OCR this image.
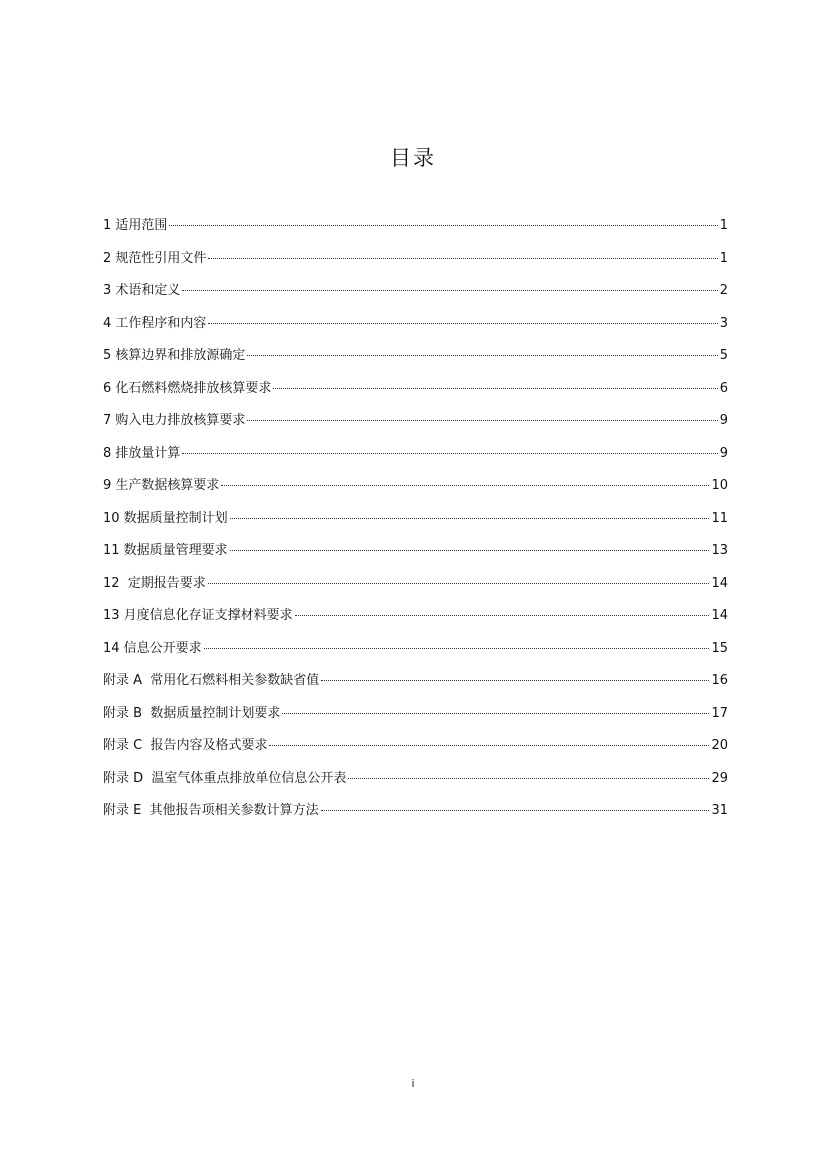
目录
1 适用范围	1
2 规范性引用文件	1
3 术语和定义	2
4 工作程序和内容	3
5 核算边界和排放源确定	5
6 化石燃料燃烧排放核算要求	6
7 购入电力排放核算要求	9
8 排放量计算	9
9 生产数据核算要求	10
10 数据质量控制计划	11
11 数据质量管理要求	13
12  定期报告要求	14
13 月度信息化存证支撑材料要求	14
14 信息公开要求	15
附录 A  常用化石燃料相关参数缺省值	16
附录 B  数据质量控制计划要求	17
附录 C  报告内容及格式要求	20
附录 D  温室气体重点排放单位信息公开表	29
附录 E  其他报告项相关参数计算方法	31
i
